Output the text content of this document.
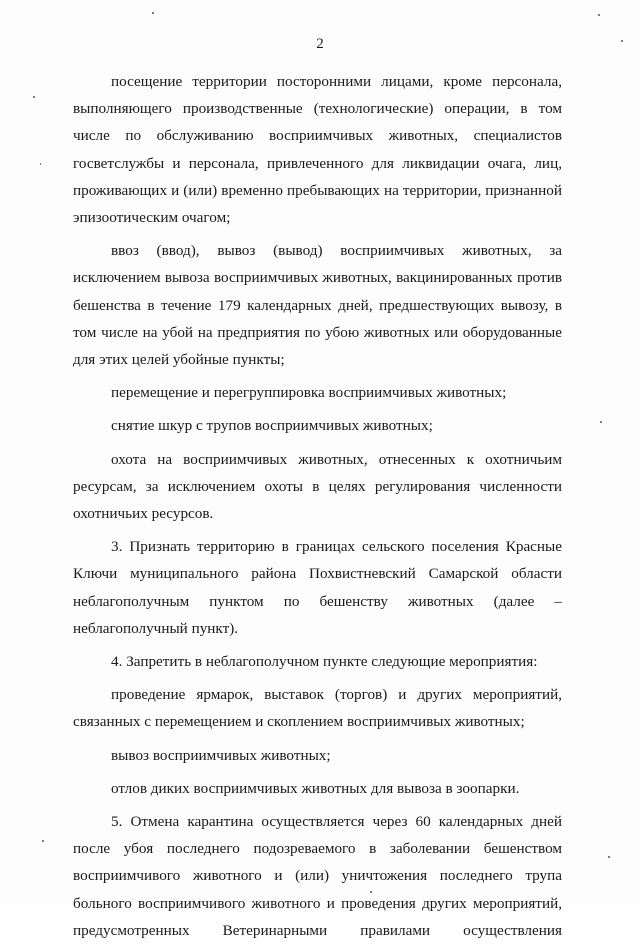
2

посещение территории посторонними лицами, кроме персонала, выполняющего производственные (технологические) операции, в том числе по обслуживанию восприимчивых животных, специалистов госветслужбы и персонала, привлеченного для ликвидации очага, лиц, проживающих и (или) временно пребывающих на территории, признанной эпизоотическим очагом;

ввоз (ввод), вывоз (вывод) восприимчивых животных, за исключением вывоза восприимчивых животных, вакцинированных против бешенства в течение 179 календарных дней, предшествующих вывозу, в том числе на убой на предприятия по убою животных или оборудованные для этих целей убойные пункты;

перемещение и перегруппировка восприимчивых животных;

снятие шкур с трупов восприимчивых животных;

охота на восприимчивых животных, отнесенных к охотничьим ресурсам, за исключением охоты в целях регулирования численности охотничьих ресурсов.

3. Признать территорию в границах сельского поселения Красные Ключи муниципального района Похвистневский Самарской области неблагополучным пунктом по бешенству животных (далее – неблагополучный пункт).

4. Запретить в неблагополучном пункте следующие мероприятия:

проведение ярмарок, выставок (торгов) и других мероприятий, связанных с перемещением и скоплением восприимчивых животных;

вывоз восприимчивых животных;

отлов диких восприимчивых животных для вывоза в зоопарки.

5. Отмена карантина осуществляется через 60 календарных дней после убоя последнего подозреваемого в заболевании бешенством восприимчивого животного и (или) уничтожения последнего трупа больного восприимчивого животного и проведения других мероприятий, предусмотренных Ветеринарными правилами осуществления
